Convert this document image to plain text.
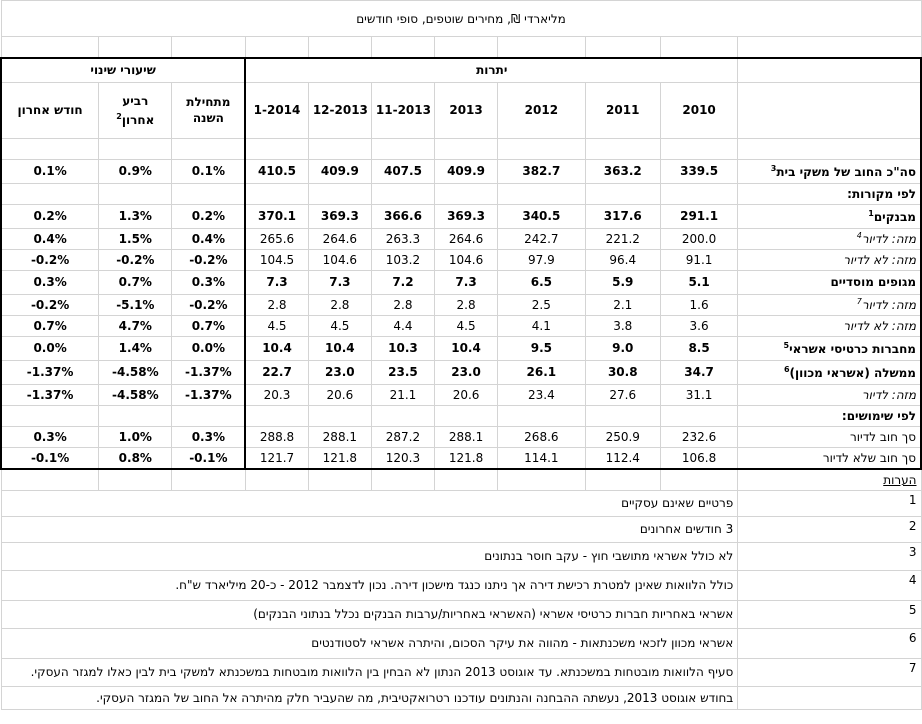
מליארדי ₪, מחירים שוטפים, סופי חודשים										

שיעורי שינוי			יתרות							
חודש אחרון	רביע אחרון$^2$	מתחילת השנה	1-2014	12-2013	11-2013	2013	2012	2011	2010	

0.1%	0.9%	0.1%	410.5	409.9	407.5	409.9	382.7	363.2	339.5	סה"כ החוב של משקי בית$^3$
										לפי מקורות:
0.2%	1.3%	0.2%	370.1	369.3	366.6	369.3	340.5	317.6	291.1	מבנקים$^1$
0.4%	1.5%	0.4%	265.6	264.6	263.3	264.6	242.7	221.2	200.0	מזה: לדיור$^4$
-0.2%	-0.2%	-0.2%	104.5	104.6	103.2	104.6	97.9	96.4	91.1	מזה: לא לדיור
0.3%	0.7%	0.3%	7.3	7.3	7.2	7.3	6.5	5.9	5.1	מגופים מוסדיים
-0.2%	-5.1%	-0.2%	2.8	2.8	2.8	2.8	2.5	2.1	1.6	מזה: לדיור$^7$
0.7%	4.7%	0.7%	4.5	4.5	4.4	4.5	4.1	3.8	3.6	מזה: לא לדיור
0.0%	1.4%	0.0%	10.4	10.4	10.3	10.4	9.5	9.0	8.5	מחברות כרטיסי אשראי$^5$
-1.37%	-4.58%	-1.37%	22.7	23.0	23.5	23.0	26.1	30.8	34.7	ממשלה (אשראי מכוון)$^6$
-1.37%	-4.58%	-1.37%	20.3	20.6	21.1	20.6	23.4	27.6	31.1	מזה: לדיור
										לפי שימושים:
0.3%	1.0%	0.3%	288.8	288.1	287.2	288.1	268.6	250.9	232.6	סך חוב לדיור
-0.1%	0.8%	-0.1%	121.7	121.8	120.3	121.8	114.1	112.4	106.8	סך חוב שלא לדיור
										הערות
פרטיים שאינם עסקיים										1
3 חודשים אחרונים										2
לא כולל אשראי מתושבי חוץ - עקב חוסר בנתונים										3
כולל הלוואות שאינן למטרת רכישת דירה אך ניתנו כנגד מישכון דירה. נכון לדצמבר 2012 - כ-20 מיליארד ש"ח.										4
אשראי באחריות חברות כרטיסי אשראי (האשראי באחריות/ערבות הבנקים נכלל בנתוני הבנקים)										5
אשראי מכוון לזכאי משכנתאות - מהווה את עיקר הסכום, והיתרה אשראי לסטודנטים										6
סעיף הלוואות מובטחות במשכנתא. עד אוגוסט 2013 הנתון לא הבחין בין הלוואות מובטחות במשכנתא למשקי בית לבין כאלו למגזר העסקי.										7
בחודש אוגוסט 2013, נעשתה ההבחנה והנתונים עודכנו רטרואקטיבית, מה שהעביר חלק מהיתרה אל החוב של המגזר העסקי.										
